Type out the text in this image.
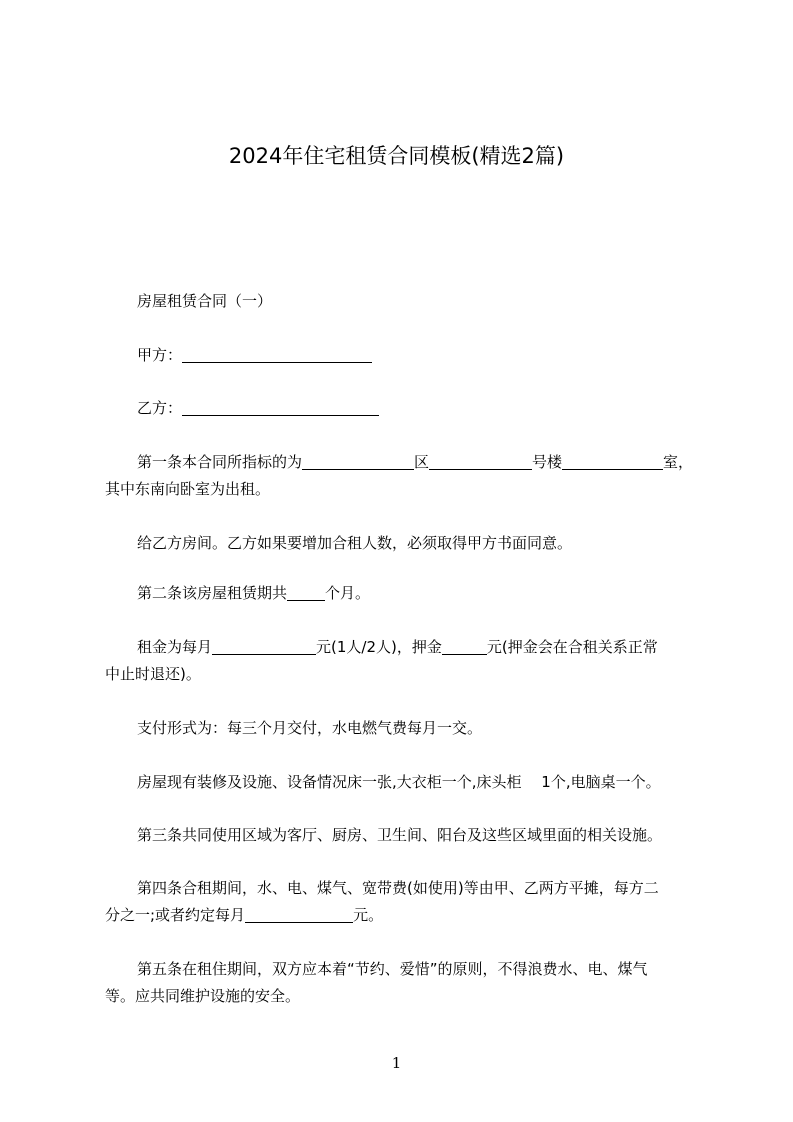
2024年住宅租赁合同模板(精选2篇)
房屋租赁合同（一）
甲方：
乙方：
第一条本合同所指标的为	区	号楼	室，
其中东南向卧室为出租。
给乙方房间。乙方如果要增加合租人数，必须取得甲方书面同意。
第二条该房屋租赁期共	个月。
租金为每月	元(1人/2人)，押金	元(押金会在合租关系正常
中止时退还)。
支付形式为：每三个月交付，水电燃气费每月一交。
房屋现有装修及设施、设备情况床一张,大衣柜一个,床头柜　 1个,电脑桌一个。
第三条共同使用区域为客厅、厨房、卫生间、阳台及这些区域里面的相关设施。
第四条合租期间，水、电、煤气、宽带费(如使用)等由甲、乙两方平摊，每方二
分之一;或者约定每月	元。
第五条在租住期间，双方应本着“节约、爱惜”的原则，不得浪费水、电、煤气
等。应共同维护设施的安全。
1
